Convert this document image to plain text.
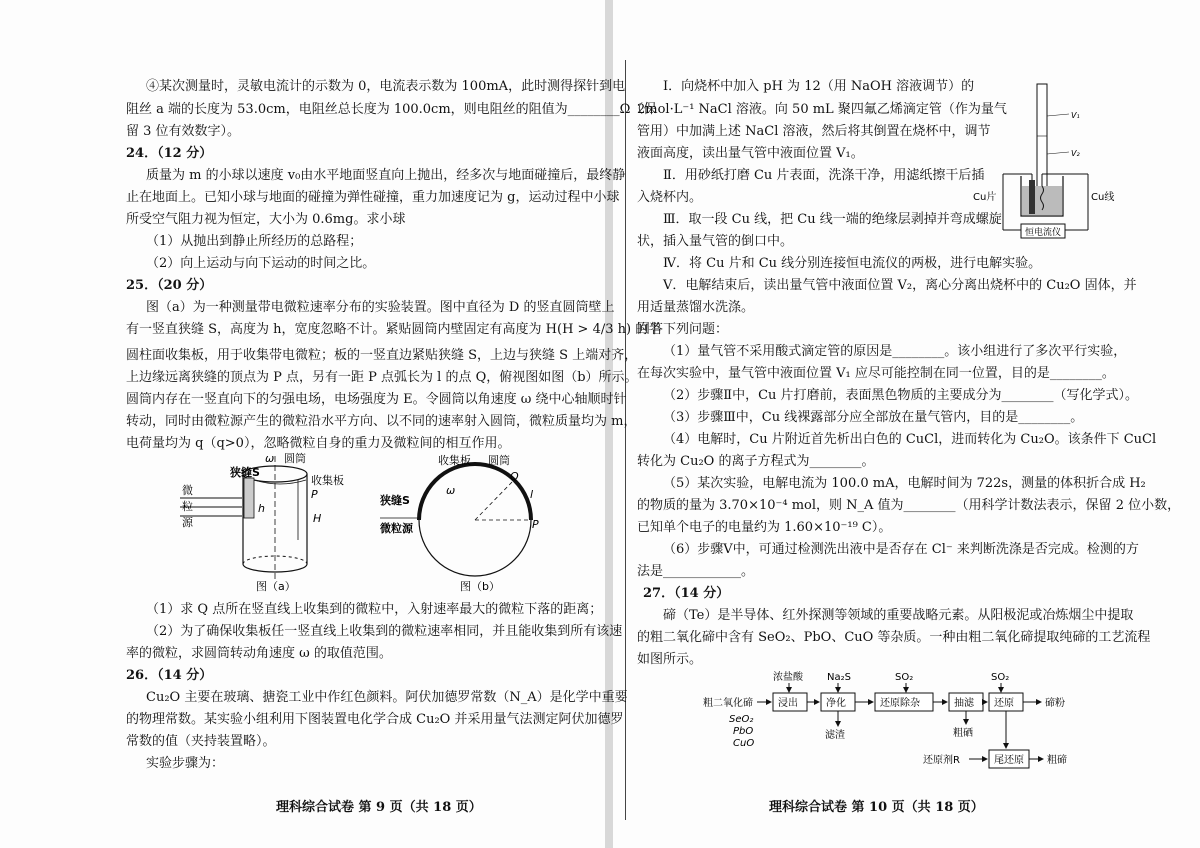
④某次测量时，灵敏电流计的示数为 0，电流表示数为 100mA，此时测得探针到电
阻丝 a 端的长度为 53.0cm，电阻丝总长度为 100.0cm，则电阻丝的阻值为________Ω（保
留 3 位有效数字）。
24．（12 分）
质量为 m 的小球以速度 v₀由水平地面竖直向上抛出，经多次与地面碰撞后，最终静
止在地面上。已知小球与地面的碰撞为弹性碰撞，重力加速度记为 g，运动过程中小球
所受空气阻力视为恒定，大小为 0.6mg。求小球
（1）从抛出到静止所经历的总路程；
（2）向上运动与向下运动的时间之比。
25．（20 分）
图（a）为一种测量带电微粒速率分布的实验装置。图中直径为 D 的竖直圆筒壁上
有一竖直狭缝 S，高度为 h，宽度忽略不计。紧贴圆筒内壁固定有高度为 H(H > 4/3 h) 的半
圆柱面收集板，用于收集带电微粒；板的一竖直边紧贴狭缝 S，上边与狭缝 S 上端对齐，
上边缘远离狭缝的顶点为 P 点，另有一距 P 点弧长为 l 的点 Q，俯视图如图（b）所示。
圆筒内存在一竖直向下的匀强电场，电场强度为 E。令圆筒以角速度 ω 绕中心轴顺时针
转动，同时由微粒源产生的微粒沿水平方向、以不同的速率射入圆筒，微粒质量均为 m，
电荷量均为 q（q>0），忽略微粒自身的重力及微粒间的相互作用。
ω 圆筒
狭缝S
收集板
P
h
H
微
粒
源
图（a）
收集板 圆筒
Q
ω	l
狭缝S
微粒源	P
图（b）
（1）求 Q 点所在竖直线上收集到的微粒中，入射速率最大的微粒下落的距离；
（2）为了确保收集板任一竖直线上收集到的微粒速率相同，并且能收集到所有该速
率的微粒，求圆筒转动角速度 ω 的取值范围。
26．（14 分）
Cu₂O 主要在玻璃、搪瓷工业中作红色颜料。阿伏加德罗常数（N_A）是化学中重要
的物理常数。某实验小组利用下图装置电化学合成 Cu₂O 并采用量气法测定阿伏加德罗
常数的值（夹持装置略）。
实验步骤为：
理科综合试卷 第 9 页（共 18 页）
Ⅰ．向烧杯中加入 pH 为 12（用 NaOH 溶液调节）的
2mol·L⁻¹ NaCl 溶液。向 50 mL 聚四氟乙烯滴定管（作为量气
管用）中加满上述 NaCl 溶液，然后将其倒置在烧杯中，调节
液面高度，读出量气管中液面位置 V₁。
Ⅱ．用砂纸打磨 Cu 片表面，洗涤干净，用滤纸擦干后插
入烧杯内。
Ⅲ．取一段 Cu 线，把 Cu 线一端的绝缘层剥掉并弯成螺旋
状，插入量气管的倒口中。
Ⅳ．将 Cu 片和 Cu 线分别连接恒电流仪的两极，进行电解实验。
Ⅴ．电解结束后，读出量气管中液面位置 V₂，离心分离出烧杯中的 Cu₂O 固体，并
用适量蒸馏水洗涤。
回答下列问题：
（1）量气管不采用酸式滴定管的原因是________。该小组进行了多次平行实验，
在每次实验中，量气管中液面位置 V₁ 应尽可能控制在同一位置，目的是________。
（2）步骤Ⅱ中，Cu 片打磨前，表面黑色物质的主要成分为________（写化学式）。
（3）步骤Ⅲ中，Cu 线裸露部分应全部放在量气管内，目的是________。
（4）电解时，Cu 片附近首先析出白色的 CuCl，进而转化为 Cu₂O。该条件下 CuCl
转化为 Cu₂O 的离子方程式为________。
（5）某次实验，电解电流为 100.0 mA，电解时间为 722s，测量的体积折合成 H₂
的物质的量为 3.70×10⁻⁴ mol，则 N_A 值为________（用科学计数法表示，保留 2 位小数，
已知单个电子的电量约为 1.60×10⁻¹⁹ C）。
（6）步骤Ⅴ中，可通过检测洗出液中是否存在 Cl⁻ 来判断洗涤是否完成。检测的方
法是____________。
27．（14 分）
碲（Te）是半导体、红外探测等领域的重要战略元素。从阳极泥或冶炼烟尘中提取
的粗二氧化碲中含有 SeO₂、PbO、CuO 等杂质。一种由粗二氧化碲提取纯碲的工艺流程
如图所示。
V₁
V₂
恒电流仪
Cu片	Cu线
浓盐酸 Na₂S	SO₂	SO₂
粗二氧化碲	浸出	净化	还原除杂	抽滤 还原	碲粉
滤渣	粗硒
尾还原
还原剂R	粗碲
SeO₂
PbO
CuO
理科综合试卷 第 10 页（共 18 页）
